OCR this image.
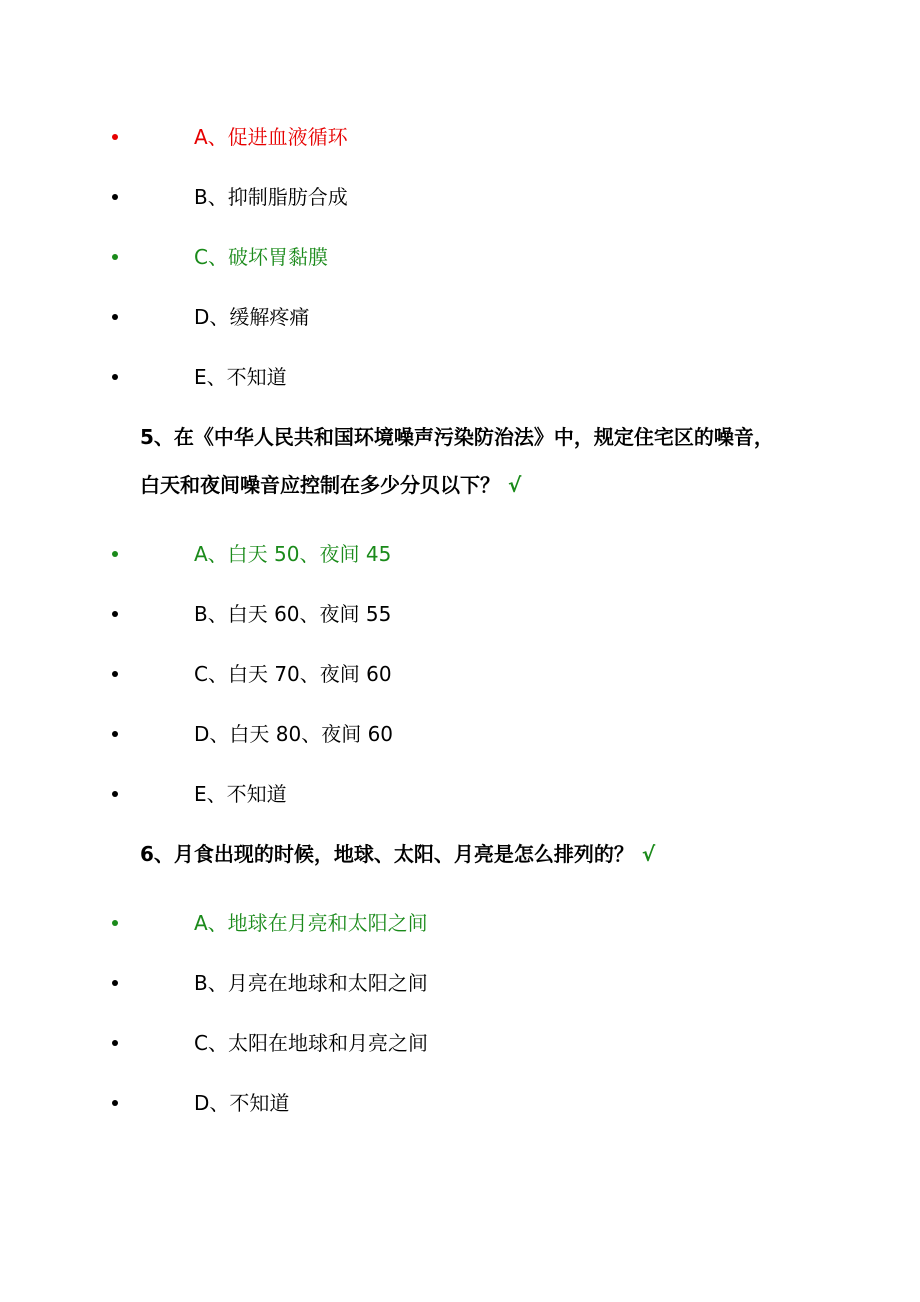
A、促进血液循环
B、抑制脂肪合成
C、破坏胃黏膜
D、缓解疼痛
E、不知道
5、在《中华人民共和国环境噪声污染防治法》中，规定住宅区的噪音，
白天和夜间噪音应控制在多少分贝以下？ √
A、白天 50、夜间 45
B、白天 60、夜间 55
C、白天 70、夜间 60
D、白天 80、夜间 60
E、不知道
6、月食出现的时候，地球、太阳、月亮是怎么排列的？ √
A、地球在月亮和太阳之间
B、月亮在地球和太阳之间
C、太阳在地球和月亮之间
D、不知道
